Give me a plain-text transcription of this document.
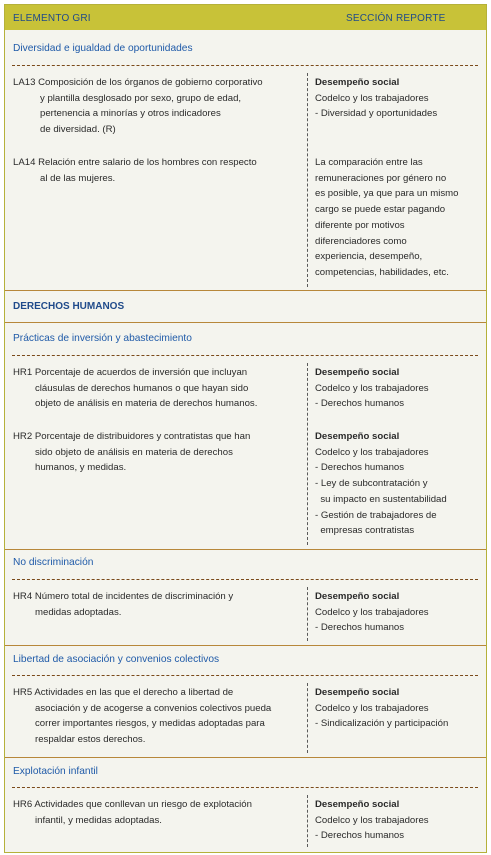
ELEMENTO GRI	SECCIÓN REPORTE
Diversidad e igualdad de oportunidades
LA13 Composición de los órganos de gobierno corporativo
y plantilla desglosado por sexo, grupo de edad,
pertenencia a minorías y otros indicadores
de diversidad. (R)
Desempeño social
Codelco y los trabajadores
- Diversidad y oportunidades
LA14 Relación entre salario de los hombres con respecto
al de las mujeres.
La comparación entre las
remuneraciones por género no
es posible, ya que para un mismo
cargo se puede estar pagando
diferente por motivos
diferenciadores como
experiencia, desempeño,
competencias, habilidades, etc.
DERECHOS HUMANOS
Prácticas de inversión y abastecimiento
HR1 Porcentaje de acuerdos de inversión que incluyan
cláusulas de derechos humanos o que hayan sido
objeto de análisis en materia de derechos humanos.
Desempeño social
Codelco y los trabajadores
- Derechos humanos
HR2 Porcentaje de distribuidores y contratistas que han
sido objeto de análisis en materia de derechos
humanos, y medidas.
Desempeño social
Codelco y los trabajadores
- Derechos humanos
- Ley de subcontratación y
su impacto en sustentabilidad
- Gestión de trabajadores de
empresas contratistas
No discriminación
HR4 Número total de incidentes de discriminación y
medidas adoptadas.
Desempeño social
Codelco y los trabajadores
- Derechos humanos
Libertad de asociación y convenios colectivos
HR5 Actividades en las que el derecho a libertad de
asociación y de acogerse a convenios colectivos pueda
correr importantes riesgos, y medidas adoptadas para
respaldar estos derechos.
Desempeño social
Codelco y los trabajadores
- Sindicalización y participación
Explotación infantil
HR6 Actividades que conllevan un riesgo de explotación
infantil, y medidas adoptadas.
Desempeño social
Codelco y los trabajadores
- Derechos humanos
